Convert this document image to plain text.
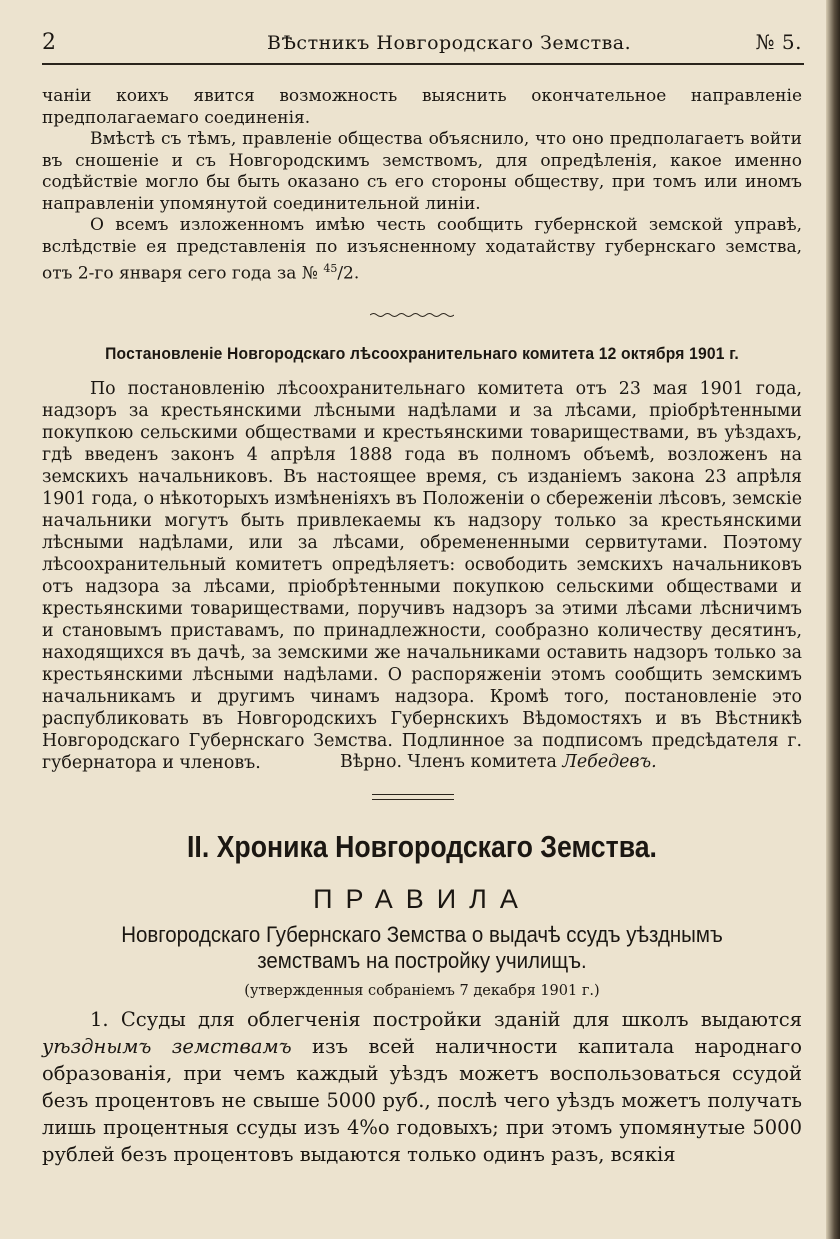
2	ВѢстникъ Новгородскаго Земства.	№ 5.

чаніи коихъ явится возможность выяснить окончательное направленіе предполагаемаго соединенія.

Вмѣстѣ съ тѣмъ, правленіе общества объяснило, что оно предполагаетъ войти въ сношеніе и съ Новгородскимъ земствомъ, для опредѣленія, какое именно содѣйствіе могло бы быть оказано съ его стороны обществу, при томъ или иномъ направленіи упомянутой соединительной линіи.

О всемъ изложенномъ имѣю честь сообщить губернской земской управѣ, вслѣдствіе ея представленія по изъясненному ходатайству губернскаго земства, отъ 2-го января сего года за № $^{45}$/2.

Постановленіе Новгородскаго лѣсоохранительнаго комитета 12 октября 1901 г.

По постановленію лѣсоохранительнаго комитета отъ 23 мая 1901 года, надзоръ за крестьянскими лѣсными надѣлами и за лѣсами, пріобрѣтенными покупкою сельскими обществами и крестьянскими товариществами, въ уѣздахъ, гдѣ введенъ законъ 4 апрѣля 1888 года въ полномъ объемѣ, возложенъ на земскихъ начальниковъ. Въ настоящее время, съ изданіемъ закона 23 апрѣля 1901 года, о нѣкоторыхъ измѣненіяхъ въ Положеніи о сбереженіи лѣсовъ, земскіе начальники могутъ быть привлекаемы къ надзору только за крестьянскими лѣсными надѣлами, или за лѣсами, обремененными сервитутами. Поэтому лѣсоохранительный комитетъ опредѣляетъ: освободить земскихъ начальниковъ отъ надзора за лѣсами, пріобрѣтенными покупкою сельскими обществами и крестьянскими товариществами, поручивъ надзоръ за этими лѣсами лѣсничимъ и становымъ приставамъ, по принадлежности, сообразно количеству десятинъ, находящихся въ дачѣ, за земскими же начальниками оставить надзоръ только за крестьянскими лѣсными надѣлами. О распоряженіи этомъ сообщить земскимъ начальникамъ и другимъ чинамъ надзора. Кромѣ того, постановленіе это распубликовать въ Новгородскихъ Губернскихъ Вѣдомостяхъ и въ Вѣстникѣ Новгородскаго Губернскаго Земства. Подлинное за подписомъ предсѣдателя г. губернатора и членовъ.	Вѣрно. Членъ комитета Лебедевъ.
II. Хроника Новгородскаго Земства.
ПРАВИЛА
Новгородскаго Губернскаго Земства о выдачѣ ссудъ уѣзднымъ земствамъ на постройку училищъ.
(утвержденныя собраніемъ 7 декабря 1901 г.)

1. Ссуды для облегченія постройки зданій для школъ выдаются уѣзднымъ земствамъ изъ всей наличности капитала народнаго образованія, при чемъ каждый уѣздъ можетъ воспользоваться ссудой безъ процентовъ не свыше 5000 руб., послѣ чего уѣздъ можетъ получать лишь процентныя ссуды изъ 4%о годовыхъ; при этомъ упомянутые 5000 рублей безъ процентовъ выдаются только одинъ разъ, всякія
